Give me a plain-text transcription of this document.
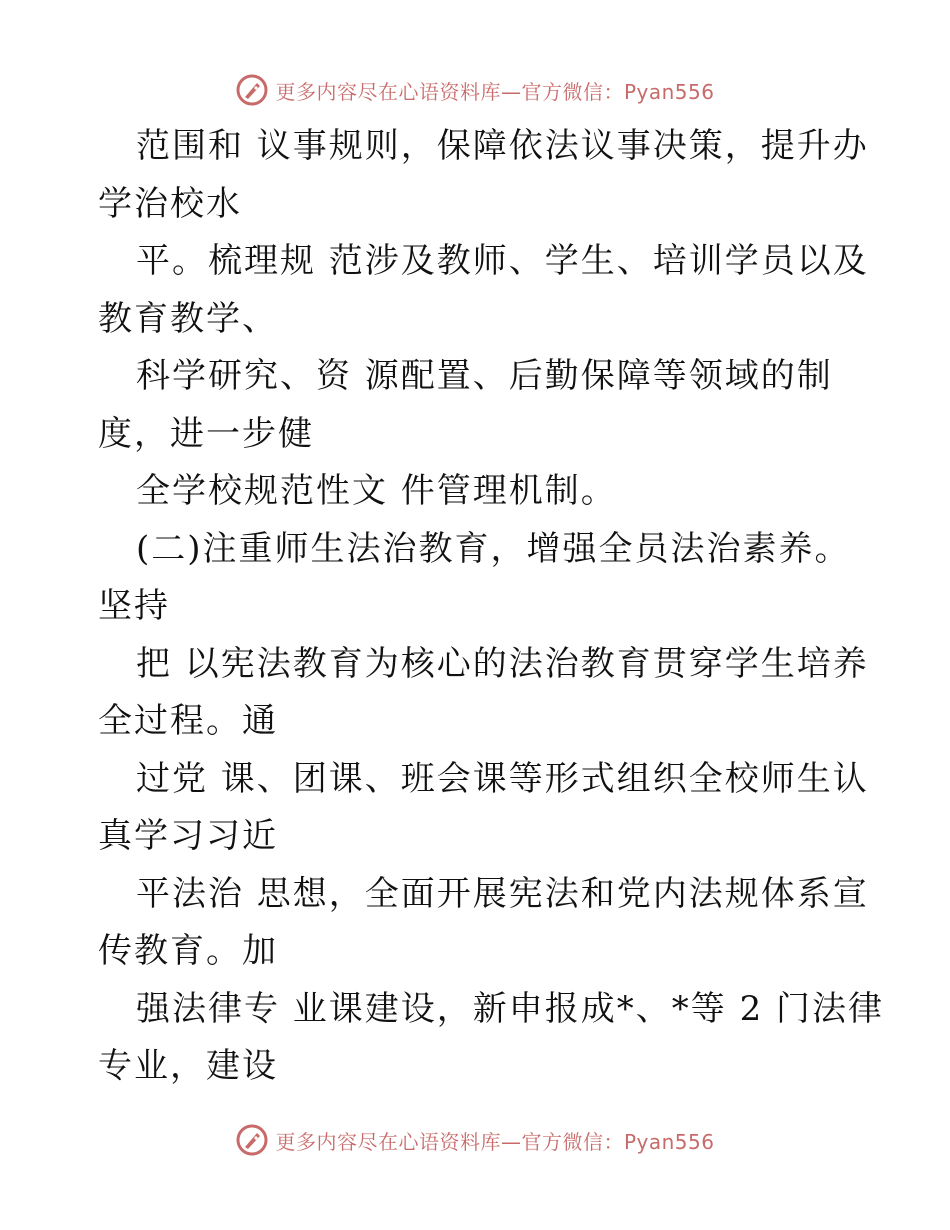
更多内容尽在心语资料库—官方微信：Pyan556
范围和 议事规则，保障依法议事决策，提升办
学治校水
平。梳理规 范涉及教师、学生、培训学员以及
教育教学、
科学研究、资 源配置、后勤保障等领域的制
度，进一步健
全学校规范性文 件管理机制。
(二)注重师生法治教育，增强全员法治素养。
坚持
把 以宪法教育为核心的法治教育贯穿学生培养
全过程。通
过党 课、团课、班会课等形式组织全校师生认
真学习习近
平法治 思想，全面开展宪法和党内法规体系宣
传教育。加
强法律专 业课建设，新申报成*、*等 2 门法律
专业，建设
更多内容尽在心语资料库—官方微信：Pyan556
